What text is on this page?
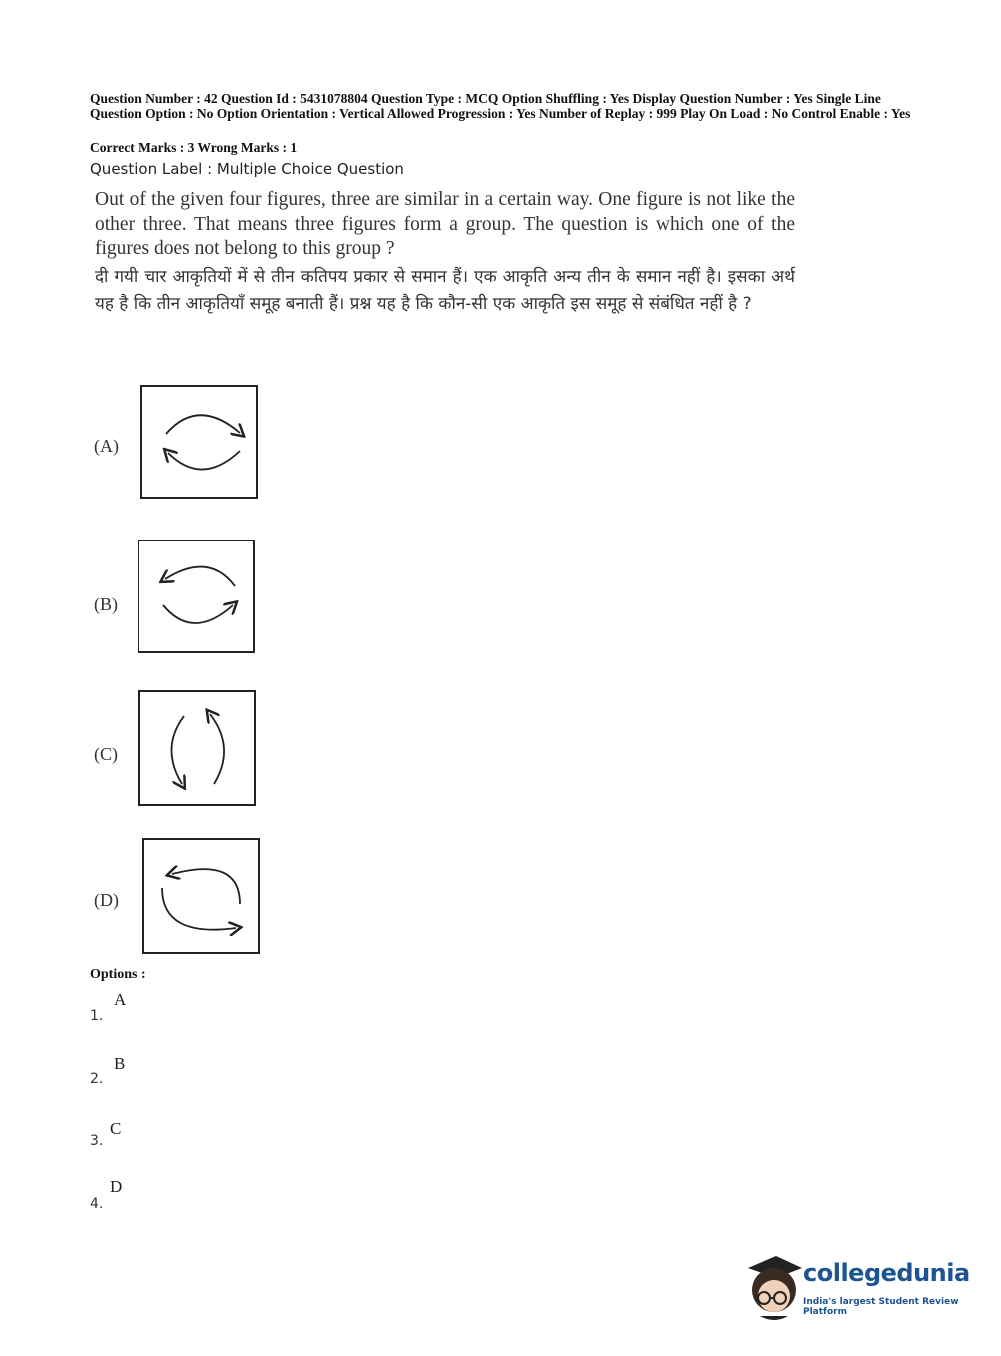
Question Number : 42 Question Id : 5431078804 Question Type : MCQ Option Shuffling : Yes Display Question Number : Yes Single Line Question Option : No Option Orientation : Vertical Allowed Progression : Yes Number of Replay : 999 Play On Load : No Control Enable : Yes
Correct Marks : 3 Wrong Marks : 1
Question Label : Multiple Choice Question
Out of the given four figures, three are similar in a certain way. One figure is not like the other three. That means three figures form a group. The question is which one of the figures does not belong to this group ?
दी गयी चार आकृतियों में से तीन कतिपय प्रकार से समान हैं। एक आकृति अन्य तीन के समान नहीं है। इसका अर्थ यह है कि तीन आकृतियाँ समूह बनाती हैं। प्रश्न यह है कि कौन-सी एक आकृति इस समूह से संबंधित नहीं है ?
(A)
(B)
(C)
(D)
Options :
1.
A
2.
B
3.
C
4.
D
collegedunia
India's largest Student Review Platform
